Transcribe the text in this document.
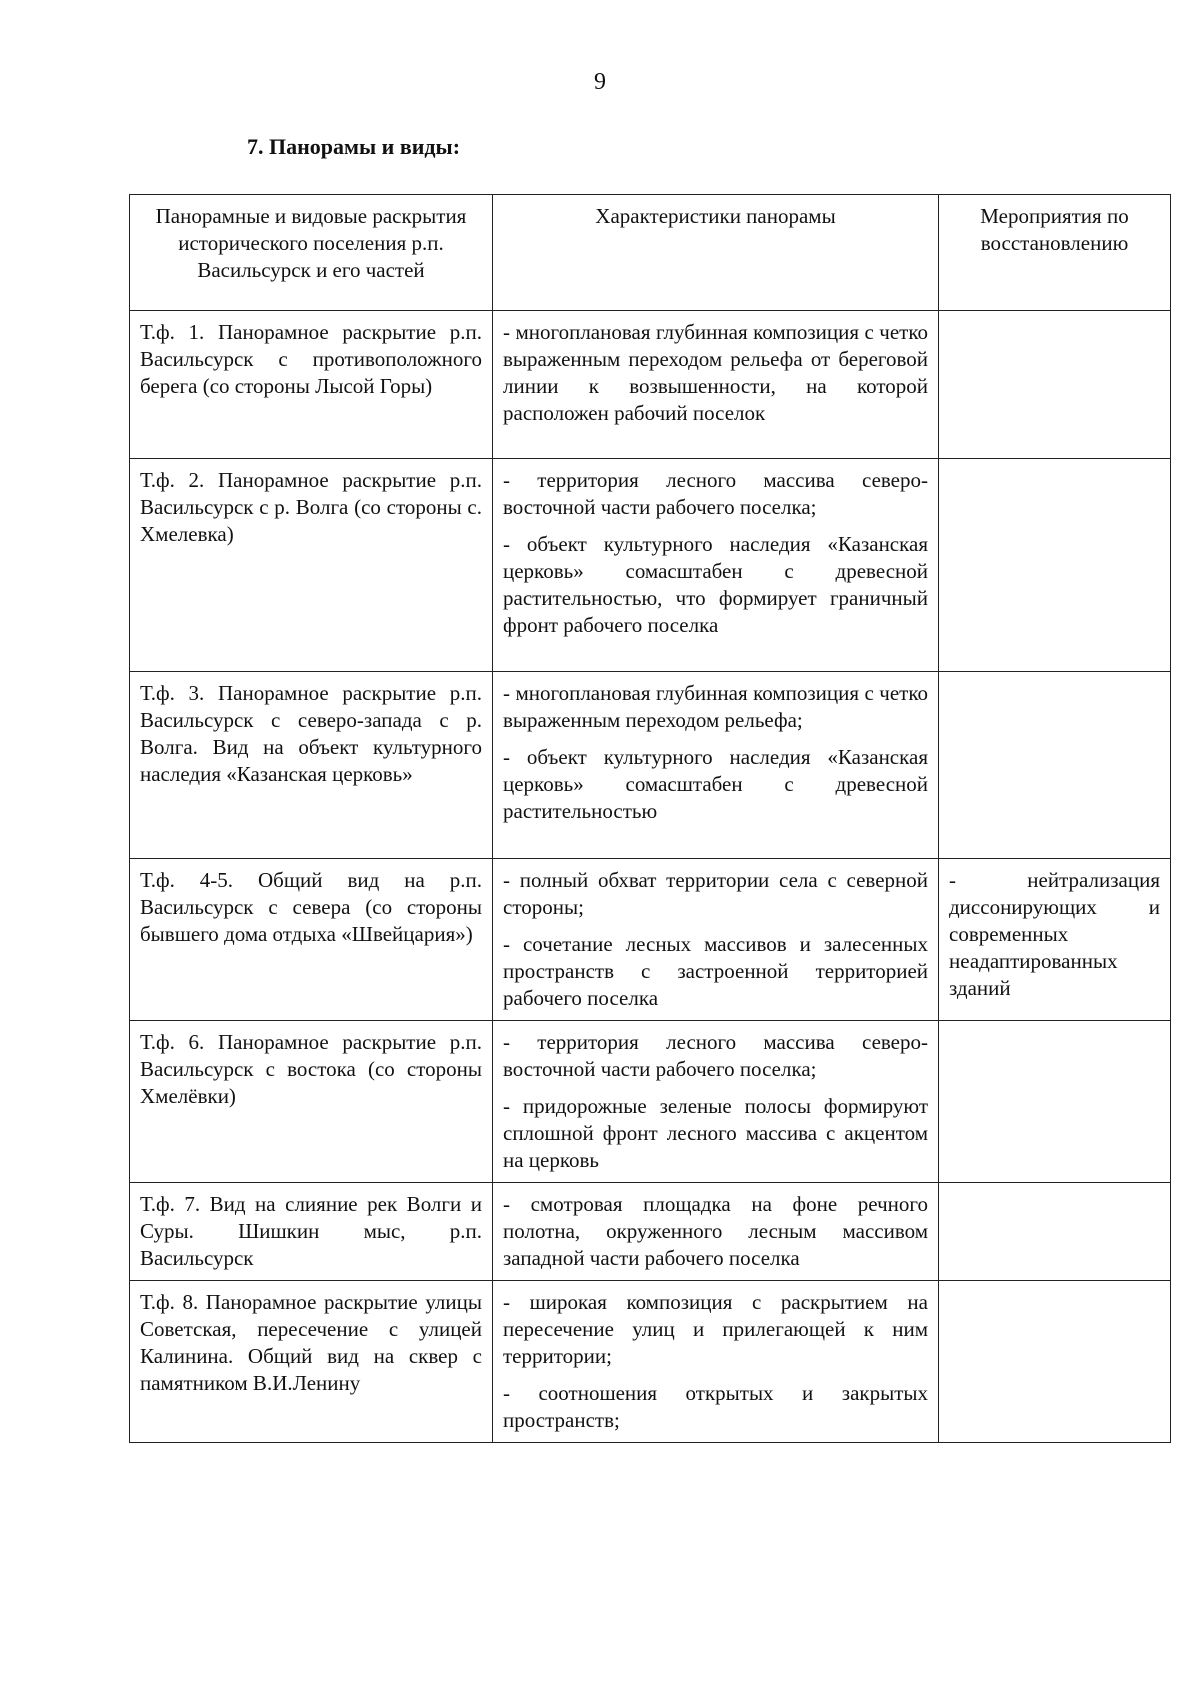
9
7. Панорамы и виды:
Панорамные и видовые раскрытия исторического поселения р.п. Васильсурск и его частей	Характеристики панорамы	Мероприятия по восстановлению

Т.ф. 1. Панорамное раскрытие р.п. Васильсурск с противоположного берега (со стороны Лысой Горы)	- многоплановая глубинная композиция с четко выраженным переходом рельефа от береговой линии к возвышенности, на которой расположен рабочий поселок	

Т.ф. 2. Панорамное раскрытие р.п. Васильсурск с р. Волга (со стороны с. Хмелевка)	- территория лесного массива северо-восточной части рабочего поселка;

- объект культурного наследия «Казанская церковь» сомасштабен с древесной растительностью, что формирует граничный фронт рабочего поселка	

Т.ф. 3. Панорамное раскрытие р.п. Васильсурск с северо-запада с р. Волга. Вид на объект культурного наследия «Казанская церковь»	- многоплановая глубинная композиция с четко выраженным переходом рельефа;

- объект культурного наследия «Казанская церковь» сомасштабен с древесной растительностью	

Т.ф. 4-5. Общий вид на р.п. Васильсурск с севера (со стороны бывшего дома отдыха «Швейцария»)	- полный обхват территории села с северной стороны;

- сочетание лесных массивов и залесенных пространств с застроенной территорией рабочего поселка	- нейтрализация диссонирующих и современных неадаптированных зданий

Т.ф. 6. Панорамное раскрытие р.п. Васильсурск с востока (со стороны Хмелёвки)	- территория лесного массива северо-восточной части рабочего поселка;

- придорожные зеленые полосы формируют сплошной фронт лесного массива с акцентом на церковь	

Т.ф. 7. Вид на слияние рек Волги и Суры. Шишкин мыс, р.п. Васильсурск	- смотровая площадка на фоне речного полотна, окруженного лесным массивом западной части рабочего поселка	

Т.ф. 8. Панорамное раскрытие улицы Советская, пересечение с улицей Калинина. Общий вид на сквер с памятником В.И.Ленину	- широкая композиция с раскрытием на пересечение улиц и прилегающей к ним территории;

- соотношения открытых и закрытых пространств;	
